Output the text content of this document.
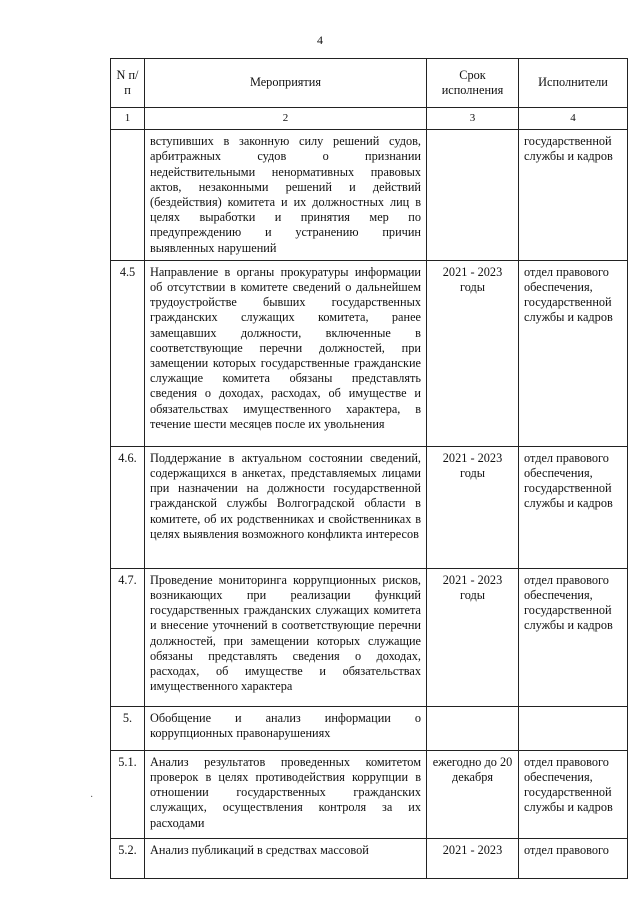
4
N п/п	Мероприятия	Срок исполнения	Исполнители
1	2	3	4
	вступивших в законную силу решений судов, арбитражных судов о признании недействительными ненормативных правовых актов, незаконными решений и действий (бездействия) комитета и их должностных лиц в целях выработки и принятия мер по предупреждению и устранению причин выявленных нарушений		государственной службы и кадров
4.5	Направление в органы прокуратуры информации об отсутствии в комитете сведений о дальнейшем трудоустройстве бывших государственных гражданских служащих комитета, ранее замещавших должности, включенные в соответствующие перечни должностей, при замещении которых государственные гражданские служащие комитета обязаны представлять сведения о доходах, расходах, об имуществе и обязательствах имущественного характера, в течение шести месяцев после их увольнения	2021 - 2023 годы	отдел правового обеспечения, государственной службы и кадров
4.6.	Поддержание в актуальном состоянии сведений, содержащихся в анкетах, представляемых лицами при назначении на должности государственной гражданской службы Волгоградской области в комитете, об их родственниках и свойственниках в целях выявления возможного конфликта интересов	2021 - 2023 годы	отдел правового обеспечения, государственной службы и кадров
4.7.	Проведение мониторинга коррупционных рисков, возникающих при реализации функций государственных гражданских служащих комитета и внесение уточнений в соответствующие перечни должностей, при замещении которых служащие обязаны представлять сведения о доходах, расходах, об имуществе и обязательствах имущественного характера	2021 - 2023 годы	отдел правового обеспечения, государственной службы и кадров
5.	Обобщение и анализ информации о коррупционных правонарушениях		
5.1.	Анализ результатов проведенных комитетом проверок в целях противодействия коррупции в отношении государственных гражданских служащих, осуществления контроля за их расходами	ежегодно до 20 декабря	отдел правового обеспечения, государственной службы и кадров
5.2.	Анализ публикаций в средствах массовой	2021 - 2023	отдел правового
·
